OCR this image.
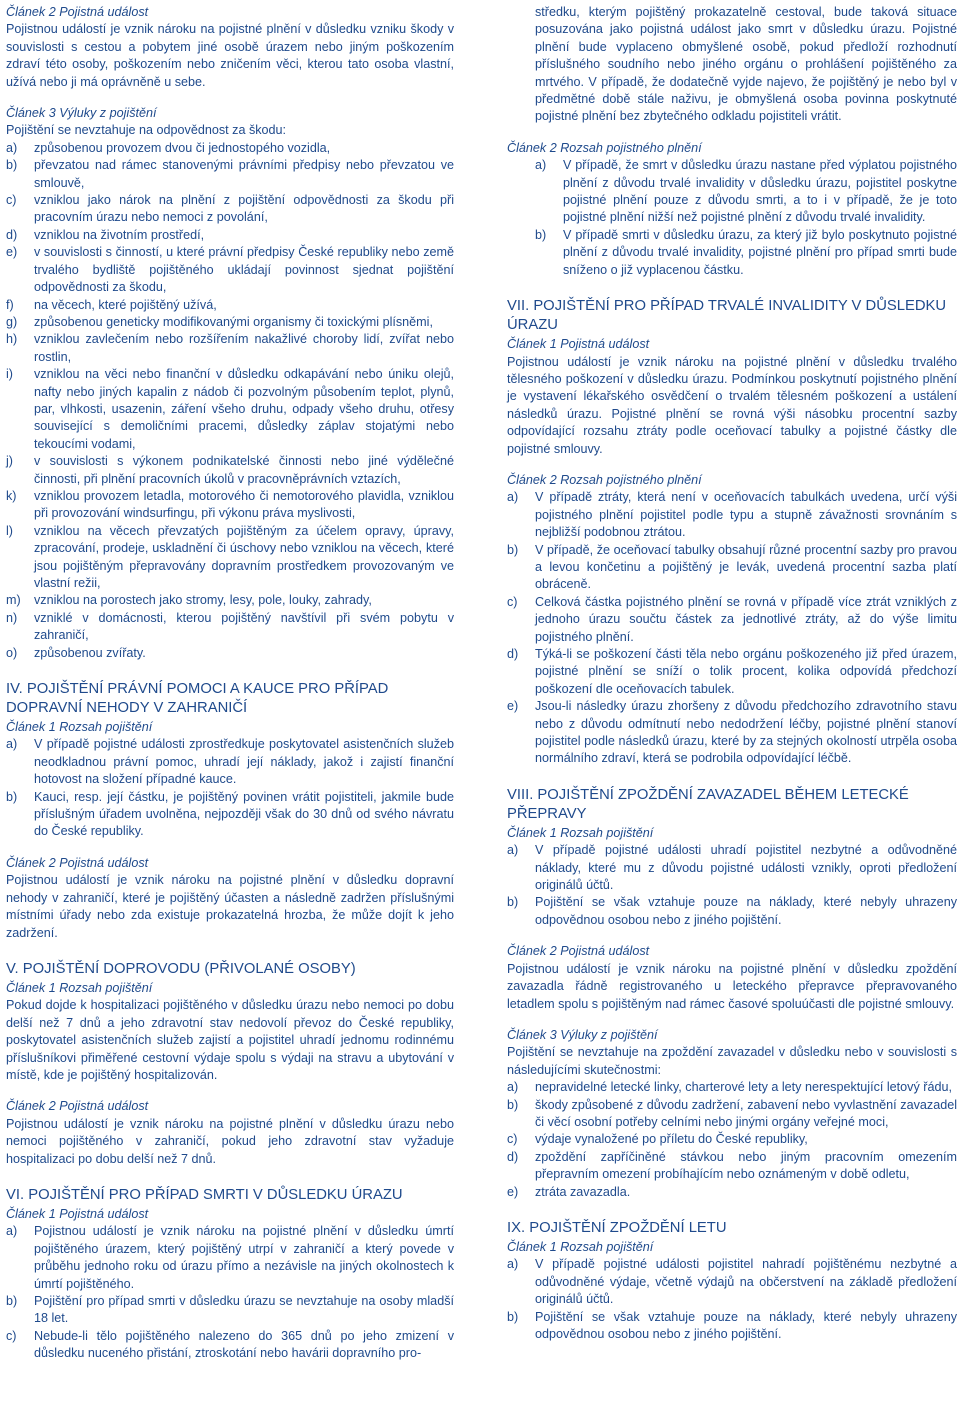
Článek 2 Pojistná událost

Pojistnou událostí je vznik nároku na pojistné plnění v důsledku vzniku škody v souvislosti s cestou a pobytem jiné osobě úrazem nebo jiným poškozením zdraví této osoby, poškozením nebo zničením věci, kterou tato osoba vlastní, užívá nebo ji má oprávněně u sebe.

Článek 3 Výluky z pojištění

Pojištění se nevztahuje na odpovědnost za škodu:

a) způsobenou provozem dvou či jednostopého vozidla,
b) převzatou nad rámec stanovenými právními předpisy nebo převzatou ve smlouvě,
c) vzniklou jako nárok na plnění z pojištění odpovědnosti za škodu při pracovním úrazu nebo nemoci z povolání,
d) vzniklou na životním prostředí,
e) v souvislosti s činností, u které právní předpisy České republiky nebo země trvalého bydliště pojištěného ukládají povinnost sjednat pojištění odpovědnosti za škodu,
f) na věcech, které pojištěný užívá,
g) způsobenou geneticky modifikovanými organismy či toxickými plísněmi,
h) vzniklou zavlečením nebo rozšířením nakažlivé choroby lidí, zvířat nebo rostlin,
i) vzniklou na věci nebo finanční v důsledku odkapávání nebo úniku olejů, nafty nebo jiných kapalin z nádob či pozvolným působením teplot, plynů, par, vlhkosti, usazenin, záření všeho druhu, odpady všeho druhu, otřesy související s demoličními pracemi, důsledky záplav stojatými nebo tekoucími vodami,
j) v souvislosti s výkonem podnikatelské činnosti nebo jiné výdělečné činnosti, při plnění pracovních úkolů v pracovněprávních vztazích,
k) vzniklou provozem letadla, motorového či nemotorového plavidla, vzniklou při provozování windsurfingu, při výkonu práva myslivosti,
l) vzniklou na věcech převzatých pojištěným za účelem opravy, úpravy, zpracování, prodeje, uskladnění či úschovy nebo vzniklou na věcech, které jsou pojištěným přepravovány dopravním prostředkem provozovaným ve vlastní režii,
m) vzniklou na porostech jako stromy, lesy, pole, louky, zahrady,
n) vzniklé v domácnosti, kterou pojištěný navštívil při svém pobytu v zahraničí,
o) způsobenou zvířaty.
IV. POJIŠTĚNÍ PRÁVNÍ POMOCI A KAUCE PRO PŘÍPAD DOPRAVNÍ NEHODY V ZAHRANIČÍ
Článek 1 Rozsah pojištění
a) V případě pojistné události zprostředkuje poskytovatel asistenčních služeb neodkladnou právní pomoc, uhradí její náklady, jakož i zajistí finanční hotovost na složení případné kauce.
b) Kauci, resp. její částku, je pojištěný povinen vrátit pojistiteli, jakmile bude příslušným úřadem uvolněna, nejpozději však do 30 dnů od svého návratu do České republiky.
Článek 2 Pojistná událost

Pojistnou událostí je vznik nároku na pojistné plnění v důsledku dopravní nehody v zahraničí, které je pojištěný účasten a následně zadržen příslušnými místními úřady nebo zda existuje prokazatelná hrozba, že může dojít k jeho zadržení.

V. POJIŠTĚNÍ DOPROVODU (PŘIVOLANÉ OSOBY)
Článek 1 Rozsah pojištění

Pokud dojde k hospitalizaci pojištěného v důsledku úrazu nebo nemoci po dobu delší než 7 dnů a jeho zdravotní stav nedovolí převoz do České republiky, poskytovatel asistenčních služeb zajistí a pojistitel uhradí jednomu rodinnému příslušníkovi přiměřené cestovní výdaje spolu s výdaji na stravu a ubytování v místě, kde je pojištěný hospitalizován.

Článek 2 Pojistná událost

Pojistnou událostí je vznik nároku na pojistné plnění v důsledku úrazu nebo nemoci pojištěného v zahraničí, pokud jeho zdravotní stav vyžaduje hospitalizaci po dobu delší než 7 dnů.

VI. POJIŠTĚNÍ PRO PŘÍPAD SMRTI V DŮSLEDKU ÚRAZU
Článek 1 Pojistná událost
a) Pojistnou událostí je vznik nároku na pojistné plnění v důsledku úmrtí pojištěného úrazem, který pojištěný utrpí v zahraničí a který povede v průběhu jednoho roku od úrazu přímo a nezávisle na jiných okolnostech k úmrtí pojištěného.
b) Pojištění pro případ smrti v důsledku úrazu se nevztahuje na osoby mladší 18 let.
c) Nebude-li tělo pojištěného nalezeno do 365 dnů po jeho zmizení v důsledku nuceného přistání, ztroskotání nebo havárii dopravního pro-

středku, kterým pojištěný prokazatelně cestoval, bude taková situace posuzována jako pojistná událost jako smrt v důsledku úrazu. Pojistné plnění bude vyplaceno obmyšlené osobě, pokud předloží rozhodnutí příslušného soudního nebo jiného orgánu o prohlášení pojištěného za mrtvého. V případě, že dodatečně vyjde najevo, že pojištěný je nebo byl v předmětné době stále naživu, je obmyšlená osoba povinna poskytnuté pojistné plnění bez zbytečného odkladu pojistiteli vrátit.

Článek 2 Rozsah pojistného plnění
a) V případě, že smrt v důsledku úrazu nastane před výplatou pojistného plnění z důvodu trvalé invalidity v důsledku úrazu, pojistitel poskytne pojistné plnění pouze z důvodu smrti, a to i v případě, že je toto pojistné plnění nižší než pojistné plnění z důvodu trvalé invalidity.
b) V případě smrti v důsledku úrazu, za který již bylo poskytnuto pojistné plnění z důvodu trvalé invalidity, pojistné plnění pro případ smrti bude sníženo o již vyplacenou částku.
VII. POJIŠTĚNÍ PRO PŘÍPAD TRVALÉ INVALIDITY V DŮSLEDKU ÚRAZU
Článek 1 Pojistná událost

Pojistnou událostí je vznik nároku na pojistné plnění v důsledku trvalého tělesného poškození v důsledku úrazu. Podmínkou poskytnutí pojistného plnění je vystavení lékařského osvědčení o trvalém tělesném poškození a ustálení následků úrazu. Pojistné plnění se rovná výši násobku procentní sazby odpovídající rozsahu ztráty podle oceňovací tabulky a pojistné částky dle pojistné smlouvy.

Článek 2 Rozsah pojistného plnění
a) V případě ztráty, která není v oceňovacích tabulkách uvedena, určí výši pojistného plnění pojistitel podle typu a stupně závažnosti srovnáním s nejbližší podobnou ztrátou.
b) V případě, že oceňovací tabulky obsahují různé procentní sazby pro pravou a levou končetinu a pojištěný je levák, uvedená procentní sazba platí obráceně.
c) Celková částka pojistného plnění se rovná v případě více ztrát vzniklých z jednoho úrazu součtu částek za jednotlivé ztráty, až do výše limitu pojistného plnění.
d) Týká-li se poškození části těla nebo orgánu poškozeného již před úrazem, pojistné plnění se sníží o tolik procent, kolika odpovídá předchozí poškození dle oceňovacích tabulek.
e) Jsou-li následky úrazu zhoršeny z důvodu předchozího zdravotního stavu nebo z důvodu odmítnutí nebo nedodržení léčby, pojistné plnění stanoví pojistitel podle následků úrazu, které by za stejných okolností utrpěla osoba normálního zdraví, která se podrobila odpovídající léčbě.
VIII. POJIŠTĚNÍ ZPOŽDĚNÍ ZAVAZADEL BĚHEM LETECKÉ PŘEPRAVY
Článek 1 Rozsah pojištění
a) V případě pojistné události uhradí pojistitel nezbytné a odůvodněné náklady, které mu z důvodu pojistné události vznikly, oproti předložení originálů účtů.
b) Pojištění se však vztahuje pouze na náklady, které nebyly uhrazeny odpovědnou osobou nebo z jiného pojištění.
Článek 2 Pojistná událost

Pojistnou událostí je vznik nároku na pojistné plnění v důsledku zpoždění zavazadla řádně registrovaného u leteckého přepravce přepravovaného letadlem spolu s pojištěným nad rámec časové spoluúčasti dle pojistné smlouvy.

Článek 3 Výluky z pojištění

Pojištění se nevztahuje na zpoždění zavazadel v důsledku nebo v souvislosti s následujícími skutečnostmi:

a) nepravidelné letecké linky, charterové lety a lety nerespektující letový řádu,
b) škody způsobené z důvodu zadržení, zabavení nebo vyvlastnění zavazadel či věcí osobní potřeby celními nebo jinými orgány veřejné moci,
c) výdaje vynaložené po příletu do České republiky,
d) zpoždění zapříčiněné stávkou nebo jiným pracovním omezením přepravním omezení probíhajícím nebo oznámeným v době odletu,
e) ztráta zavazadla.
IX. POJIŠTĚNÍ ZPOŽDĚNÍ LETU
Článek 1 Rozsah pojištění
a) V případě pojistné události pojistitel nahradí pojištěnému nezbytné a odůvodněné výdaje, včetně výdajů na občerstvení na základě předložení originálů účtů.
b) Pojištění se však vztahuje pouze na náklady, které nebyly uhrazeny odpovědnou osobou nebo z jiného pojištění.
